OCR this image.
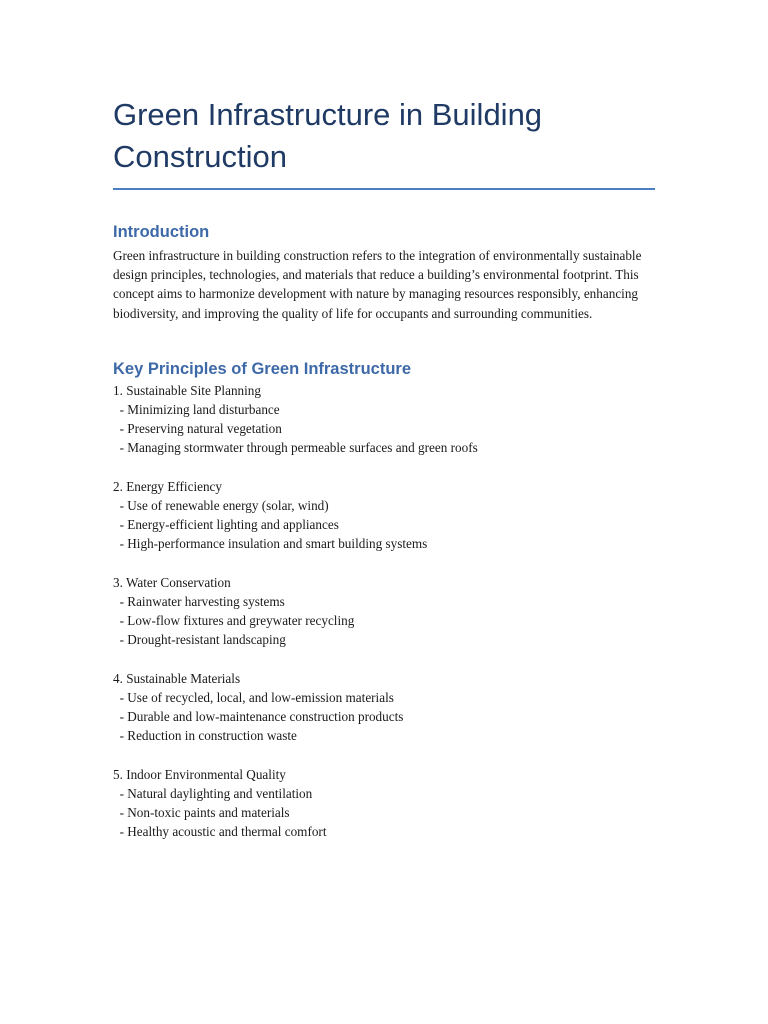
Green Infrastructure in Building Construction
Introduction

Green infrastructure in building construction refers to the integration of environmentally sustainable design principles, technologies, and materials that reduce a building’s environmental footprint. This concept aims to harmonize development with nature by managing resources responsibly, enhancing biodiversity, and improving the quality of life for occupants and surrounding communities.

Key Principles of Green Infrastructure
1. Sustainable Site Planning
- Minimizing land disturbance
- Preserving natural vegetation
- Managing stormwater through permeable surfaces and green roofs
2. Energy Efficiency
- Use of renewable energy (solar, wind)
- Energy-efficient lighting and appliances
- High-performance insulation and smart building systems
3. Water Conservation
- Rainwater harvesting systems
- Low-flow fixtures and greywater recycling
- Drought-resistant landscaping
4. Sustainable Materials
- Use of recycled, local, and low-emission materials
- Durable and low-maintenance construction products
- Reduction in construction waste
5. Indoor Environmental Quality
- Natural daylighting and ventilation
- Non-toxic paints and materials
- Healthy acoustic and thermal comfort
